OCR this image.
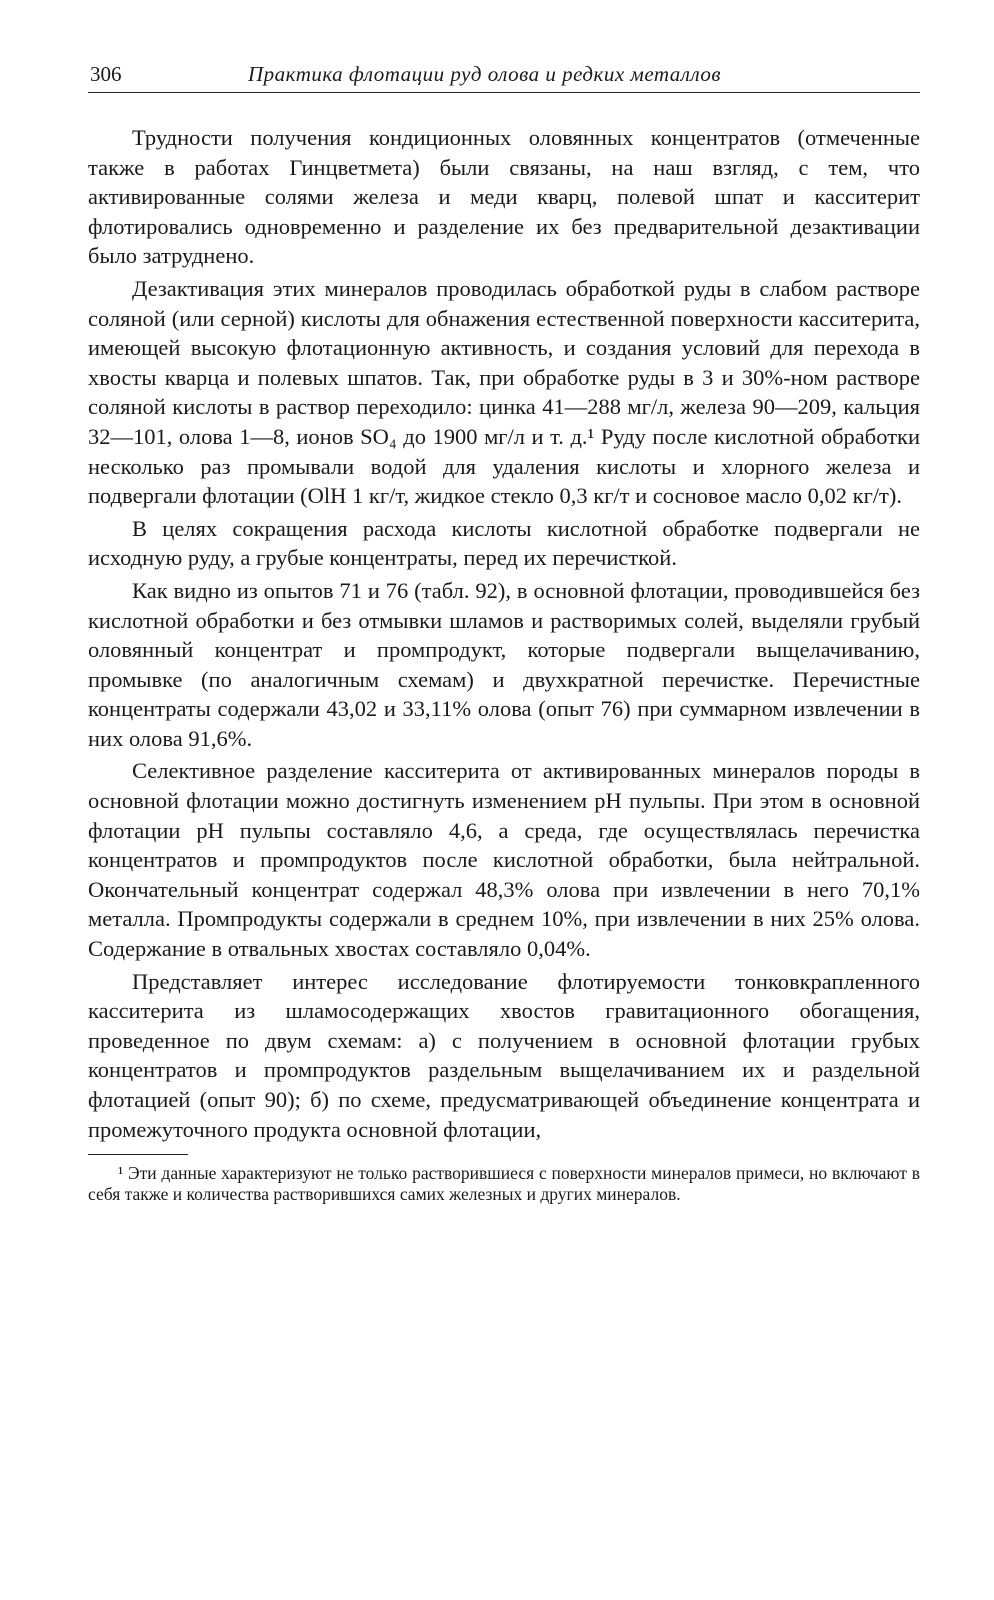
306	Практика флотации руд олова и редких металлов

Трудности получения кондиционных оловянных концентратов (отмеченные также в работах Гинцветмета) были связаны, на наш взгляд, с тем, что активированные солями железа и меди кварц, полевой шпат и касситерит флотировались одновременно и разделение их без предварительной дезактивации было затруднено.

Дезактивация этих минералов проводилась обработкой руды в слабом растворе соляной (или серной) кислоты для обнажения естественной поверхности касситерита, имеющей высокую флотационную активность, и создания условий для перехода в хвосты кварца и полевых шпатов. Так, при обработке руды в 3 и 30%-ном растворе соляной кислоты в раствор переходило: цинка 41—288 мг/л, железа 90—209, кальция 32—101, олова 1—8, ионов SO₄ до 1900 мг/л и т. д.¹ Руду после кислотной обработки несколько раз промывали водой для удаления кислоты и хлорного железа и подвергали флотации (OlH 1 кг/т, жидкое стекло 0,3 кг/т и сосновое масло 0,02 кг/т).

В целях сокращения расхода кислоты кислотной обработке подвергали не исходную руду, а грубые концентраты, перед их перечисткой.

Как видно из опытов 71 и 76 (табл. 92), в основной флотации, проводившейся без кислотной обработки и без отмывки шламов и растворимых солей, выделяли грубый оловянный концентрат и промпродукт, которые подвергали выщелачиванию, промывке (по аналогичным схемам) и двухкратной перечистке. Перечистные концентраты содержали 43,02 и 33,11% олова (опыт 76) при суммарном извлечении в них олова 91,6%.

Селективное разделение касситерита от активированных минералов породы в основной флотации можно достигнуть изменением pH пульпы. При этом в основной флотации pH пульпы составляло 4,6, а среда, где осуществлялась перечистка концентратов и промпродуктов после кислотной обработки, была нейтральной. Окончательный концентрат содержал 48,3% олова при извлечении в него 70,1% металла. Промпродукты содержали в среднем 10%, при извлечении в них 25% олова. Содержание в отвальных хвостах составляло 0,04%.

Представляет интерес исследование флотируемости тонковкрапленного касситерита из шламосодержащих хвостов гравитационного обогащения, проведенное по двум схемам: а) с получением в основной флотации грубых концентратов и промпродуктов раздельным выщелачиванием их и раздельной флотацией (опыт 90); б) по схеме, предусматривающей объединение концентрата и промежуточного продукта основной флотации,

¹ Эти данные характеризуют не только растворившиеся с поверхности минералов примеси, но включают в себя также и количества растворившихся самих железных и других минералов.
